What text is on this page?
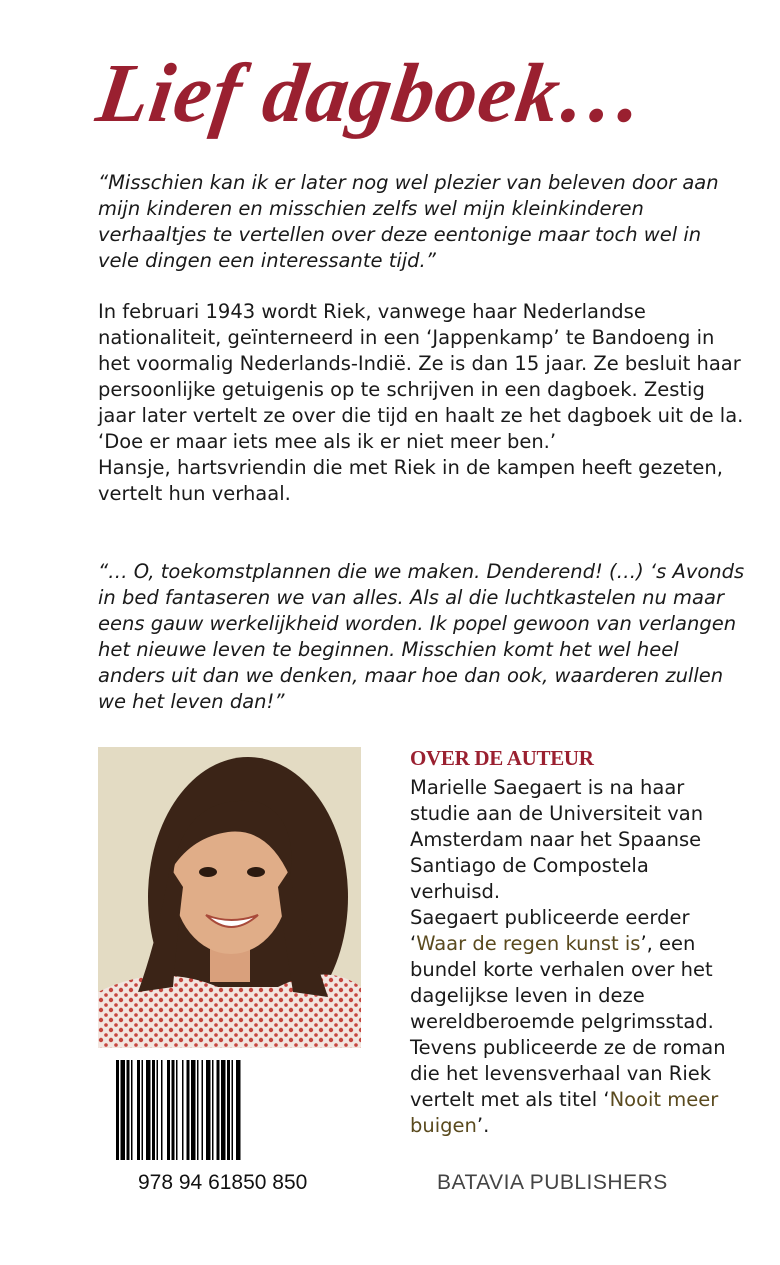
Lief dagboek…

“Misschien kan ik er later nog wel plezier van beleven door aan mijn kinderen en misschien zelfs wel mijn kleinkinderen verhaaltjes te vertellen over deze eentonige maar toch wel in vele dingen een interessante tijd.”

In februari 1943 wordt Riek, vanwege haar Nederlandse nationaliteit, geïnterneerd in een ‘Jappenkamp’ te Bandoeng in het voormalig Nederlands-Indië. Ze is dan 15 jaar. Ze besluit haar persoonlijke getuigenis op te schrijven in een dagboek. Zestig jaar later vertelt ze over die tijd en haalt ze het dagboek uit de la. ‘Doe er maar iets mee als ik er niet meer ben.’

Hansje, hartsvriendin die met Riek in de kampen heeft gezeten, vertelt hun verhaal.

“… O, toekomstplannen die we maken. Denderend! (…) ‘s Avonds in bed fantaseren we van alles. Als al die luchtkastelen nu maar eens gauw werkelijkheid worden. Ik popel gewoon van verlangen het nieuwe leven te beginnen. Misschien komt het wel heel anders uit dan we denken, maar hoe dan ook, waarderen zullen we het leven dan!”

OVER DE AUTEUR
Marielle Saegaert is na haar studie aan de Universiteit van Amsterdam naar het Spaanse Santiago de Compostela verhuisd.
Saegaert publiceerde eerder
‘Waar de regen kunst is’, een bundel korte verhalen over het dagelijkse leven in deze wereldberoemde pelgrimsstad.
Tevens publiceerde ze de roman die het levensverhaal van Riek vertelt met als titel ‘Nooit meer buigen’.

978 94 61850 850	BATAVIA PUBLISHERS
